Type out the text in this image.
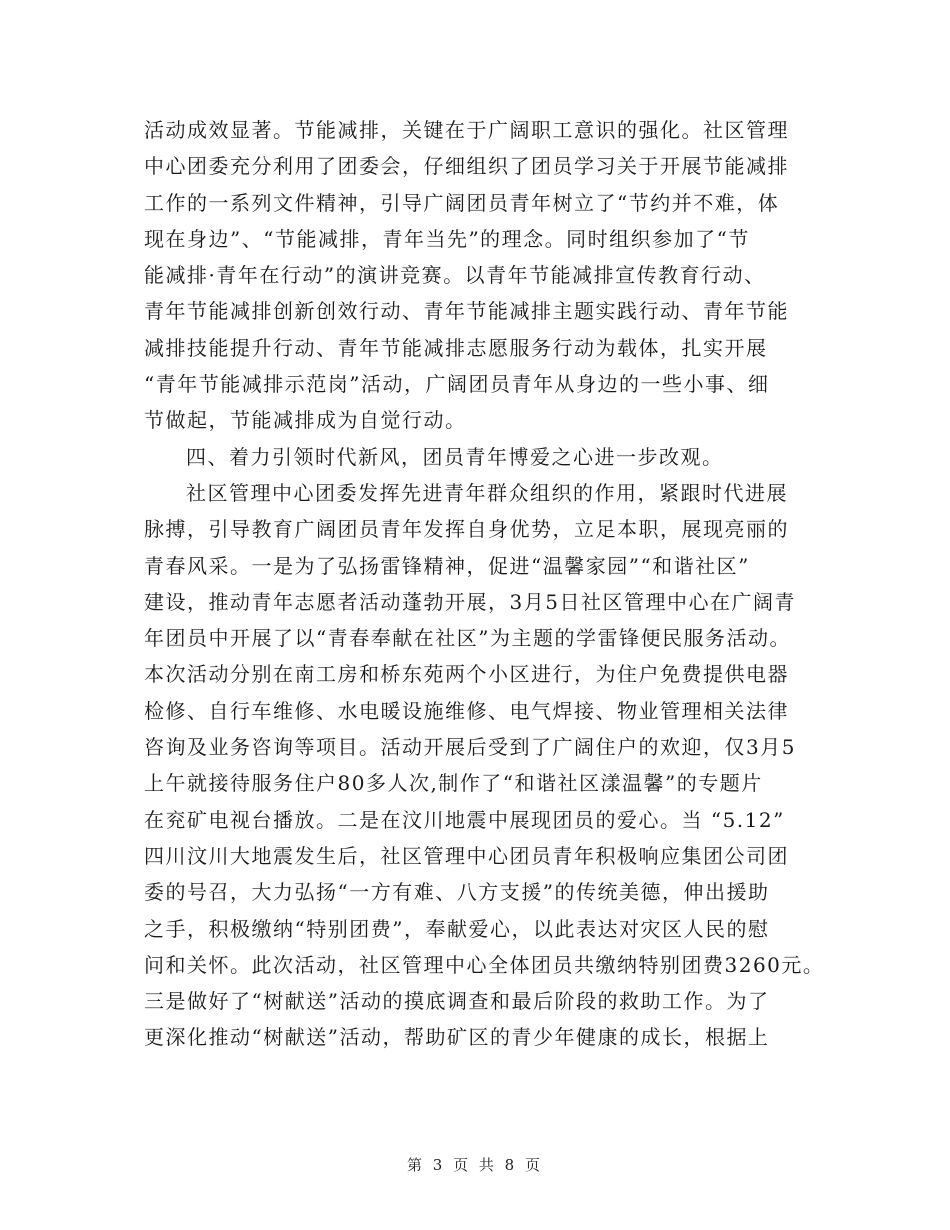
活动成效显著。节能减排，关键在于广阔职工意识的强化。社区管理
中心团委充分利用了团委会，仔细组织了团员学习关于开展节能减排
工作的一系列文件精神，引导广阔团员青年树立了“节约并不难，体
现在身边”、“节能减排，青年当先”的理念。同时组织参加了“节
能减排·青年在行动”的演讲竞赛。以青年节能减排宣传教育行动、
青年节能减排创新创效行动、青年节能减排主题实践行动、青年节能
减排技能提升行动、青年节能减排志愿服务行动为载体，扎实开展
“青年节能减排示范岗”活动，广阔团员青年从身边的一些小事、细
节做起，节能减排成为自觉行动。
四、着力引领时代新风，团员青年博爱之心进一步改观。
社区管理中心团委发挥先进青年群众组织的作用，紧跟时代进展
脉搏，引导教育广阔团员青年发挥自身优势，立足本职，展现亮丽的
青春风采。一是为了弘扬雷锋精神，促进“温馨家园”“和谐社区”
建设，推动青年志愿者活动蓬勃开展，3月5日社区管理中心在广阔青
年团员中开展了以“青春奉献在社区”为主题的学雷锋便民服务活动。
本次活动分别在南工房和桥东苑两个小区进行，为住户免费提供电器
检修、自行车维修、水电暖设施维修、电气焊接、物业管理相关法律
咨询及业务咨询等项目。活动开展后受到了广阔住户的欢迎，仅3月5
上午就接待服务住户80多人次,制作了“和谐社区漾温馨”的专题片
在兖矿电视台播放。二是在汶川地震中展现团员的爱心。当 “5.12”
四川汶川大地震发生后，社区管理中心团员青年积极响应集团公司团
委的号召，大力弘扬“一方有难、八方支援”的传统美德，伸出援助
之手，积极缴纳“特别团费”，奉献爱心，以此表达对灾区人民的慰
问和关怀。此次活动，社区管理中心全体团员共缴纳特别团费3260元。
三是做好了“树献送”活动的摸底调查和最后阶段的救助工作。为了
更深化推动“树献送”活动，帮助矿区的青少年健康的成长，根据上
第 3 页 共 8 页
